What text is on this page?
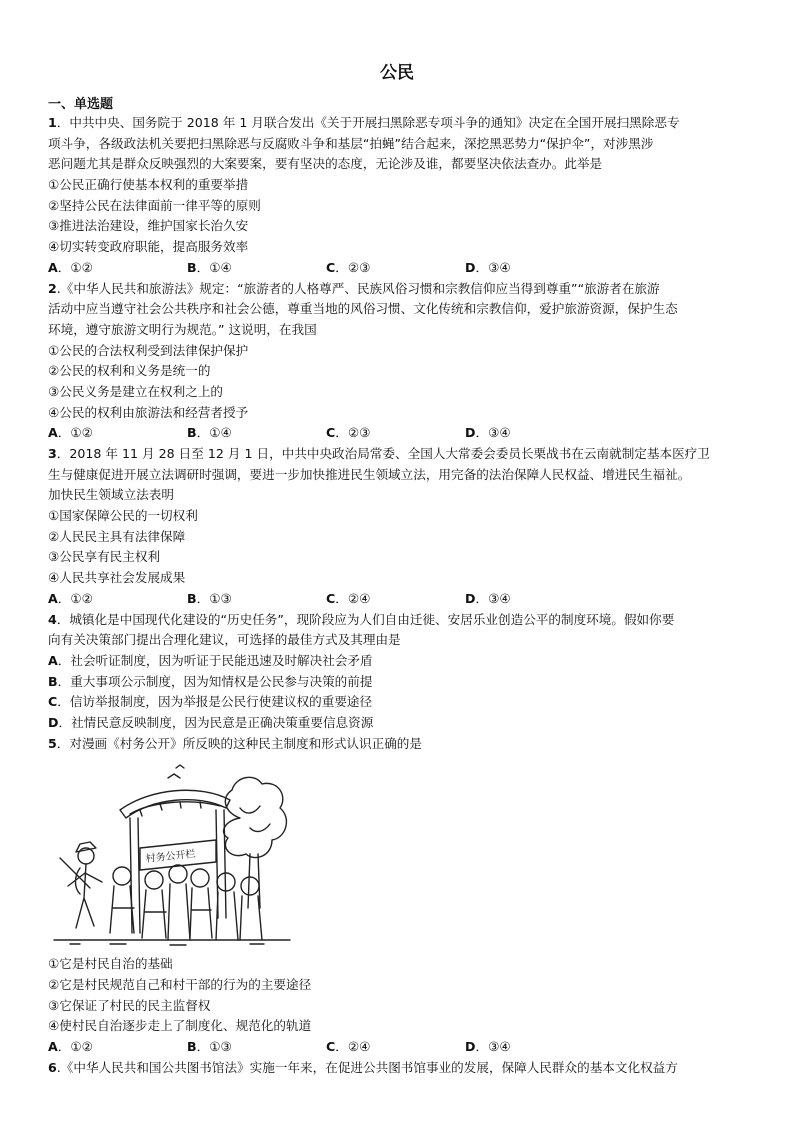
公民
一、单选题
1．中共中央、国务院于 2018 年 1 月联合发出《关于开展扫黑除恶专项斗争的通知》决定在全国开展扫黑除恶专
项斗争，各级政法机关要把扫黑除恶与反腐败斗争和基层“拍蝇”结合起来，深挖黑恶势力“保护伞”，对涉黑涉
恶问题尤其是群众反映强烈的大案要案，要有坚决的态度，无论涉及谁，都要坚决依法查办。此举是
①公民正确行使基本权利的重要举措
②坚持公民在法律面前一律平等的原则
③推进法治建设，维护国家长治久安
④切实转变政府职能，提高服务效率
A．①②	B．①④	C．②③	D．③④
2.《中华人民共和旅游法》规定：“旅游者的人格尊严、民族风俗习惯和宗教信仰应当得到尊重”“旅游者在旅游
活动中应当遵守社会公共秩序和社会公德，尊重当地的风俗习惯、文化传统和宗教信仰，爱护旅游资源，保护生态
环境，遵守旅游文明行为规范。” 这说明，在我国
①公民的合法权利受到法律保护保护
②公民的权利和义务是统一的
③公民义务是建立在权利之上的
④公民的权利由旅游法和经营者授予
A．①②	B．①④	C．②③	D．③④
3．2018 年 11 月 28 日至 12 月 1 日，中共中央政治局常委、全国人大常委会委员长栗战书在云南就制定基本医疗卫
生与健康促进开展立法调研时强调，要进一步加快推进民生领域立法，用完备的法治保障人民权益、增进民生福祉。
加快民生领域立法表明
①国家保障公民的一切权利
②人民民主具有法律保障
③公民享有民主权利
④人民共享社会发展成果
A．①②	B．①③	C．②④	D．③④
4．城镇化是中国现代化建设的“历史任务”，现阶段应为人们自由迁徙、安居乐业创造公平的制度环境。假如你要
向有关决策部门提出合理化建议，可选择的最佳方式及其理由是
A．社会听证制度，因为听证于民能迅速及时解决社会矛盾
B．重大事项公示制度，因为知情权是公民参与决策的前提
C．信访举报制度，因为举报是公民行使建议权的重要途径
D．社情民意反映制度，因为民意是正确决策重要信息资源
5．对漫画《村务公开》所反映的这种民主制度和形式认识正确的是
村务公开栏
①它是村民自治的基础
②它是村民规范自己和村干部的行为的主要途径
③它保证了村民的民主监督权
④使村民自治逐步走上了制度化、规范化的轨道
A．①②	B．①③	C．②④	D．③④
6.《中华人民共和国公共图书馆法》实施一年来，在促进公共图书馆事业的发展，保障人民群众的基本文化权益方
